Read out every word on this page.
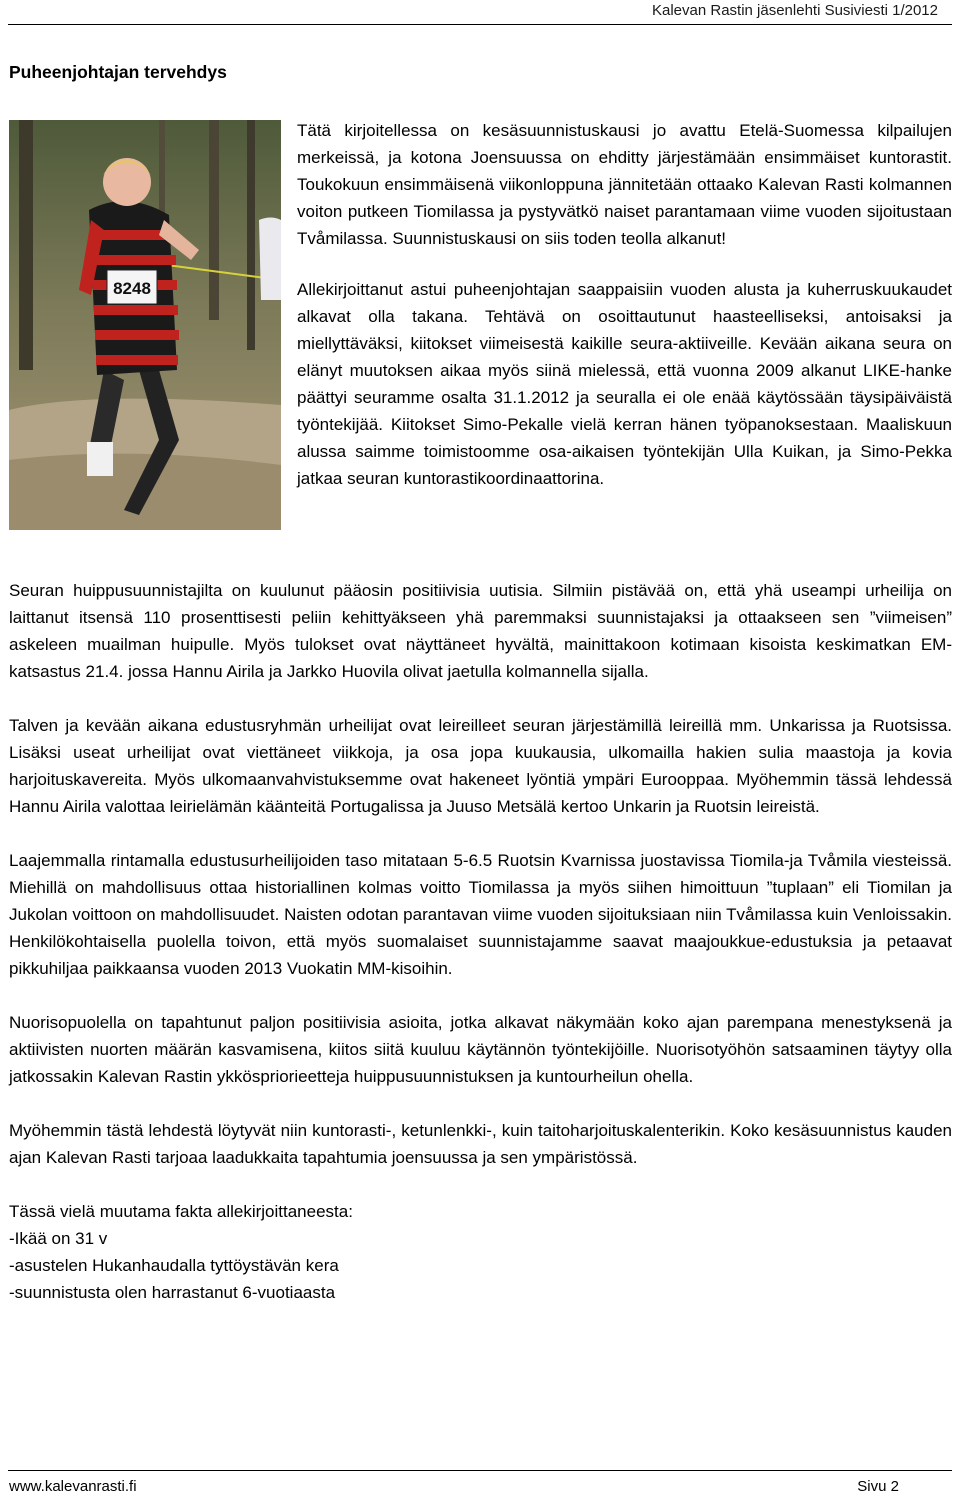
Kalevan Rastin jäsenlehti Susiviesti 1/2012
Puheenjohtajan tervehdys
8248

Tätä kirjoitellessa on kesäsuunnistuskausi jo avattu Etelä-Suomessa kilpailujen merkeissä, ja kotona Joensuussa on ehditty järjestämään ensimmäiset kuntorastit. Toukokuun ensimmäisenä viikonloppuna jännitetään ottaako Kalevan Rasti kolmannen voiton putkeen Tiomilassa ja pystyvätkö naiset parantamaan viime vuoden sijoitustaan Tvåmilassa. Suunnistuskausi on siis toden teolla alkanut!

Allekirjoittanut astui puheenjohtajan saappaisiin vuoden alusta ja kuherruskuukaudet alkavat olla takana. Tehtävä on osoittautunut haasteelliseksi, antoisaksi ja miellyttäväksi, kiitokset viimeisestä kaikille seura-aktiiveille. Kevään aikana seura on elänyt muutoksen aikaa myös siinä mielessä, että vuonna 2009 alkanut LIKE-hanke päättyi seuramme osalta 31.1.2012 ja seuralla ei ole enää käytössään täysipäiväistä työntekijää. Kiitokset Simo-Pekalle vielä kerran hänen työpanoksestaan. Maaliskuun alussa saimme toimistoomme osa-aikaisen työntekijän Ulla Kuikan, ja Simo-Pekka jatkaa seuran kuntorastikoordinaattorina.

Seuran huippusuunnistajilta on kuulunut pääosin positiivisia uutisia. Silmiin pistävää on, että yhä useampi urheilija on laittanut itsensä 110 prosenttisesti peliin kehittyäkseen yhä paremmaksi suunnistajaksi ja ottaakseen sen ”viimeisen” askeleen muailman huipulle. Myös tulokset ovat näyttäneet hyvältä, mainittakoon kotimaan kisoista keskimatkan EM-katsastus 21.4. jossa Hannu Airila ja Jarkko Huovila olivat jaetulla kolmannella sijalla.

Talven ja kevään aikana edustusryhmän urheilijat ovat leireilleet seuran järjestämillä leireillä mm. Unkarissa ja Ruotsissa. Lisäksi useat urheilijat ovat viettäneet viikkoja, ja osa jopa kuukausia, ulkomailla hakien sulia maastoja ja kovia harjoituskavereita. Myös ulkomaanvahvistuksemme ovat hakeneet lyöntiä ympäri Eurooppaa. Myöhemmin tässä lehdessä Hannu Airila valottaa leirielämän käänteitä Portugalissa ja Juuso Metsälä kertoo Unkarin ja Ruotsin leireistä.

Laajemmalla rintamalla edustusurheilijoiden taso mitataan 5-6.5 Ruotsin Kvarnissa juostavissa Tiomila-ja Tvåmila viesteissä. Miehillä on mahdollisuus ottaa historiallinen kolmas voitto Tiomilassa ja myös siihen himoittuun ”tuplaan” eli Tiomilan ja Jukolan voittoon on mahdollisuudet. Naisten odotan parantavan viime vuoden sijoituksiaan niin Tvåmilassa kuin Venloissakin. Henkilökohtaisella puolella toivon, että myös suomalaiset suunnistajamme saavat maajoukkue-edustuksia ja petaavat pikkuhiljaa paikkaansa vuoden 2013 Vuokatin MM-kisoihin.

Nuorisopuolella on tapahtunut paljon positiivisia asioita, jotka alkavat näkymään koko ajan parempana menestyksenä ja aktiivisten nuorten määrän kasvamisena, kiitos siitä kuuluu käytännön työntekijöille. Nuorisotyöhön satsaaminen täytyy olla jatkossakin Kalevan Rastin ykköspriorieetteja huippusuunnistuksen ja kuntourheilun ohella.

Myöhemmin tästä lehdestä löytyvät niin kuntorasti-, ketunlenkki-, kuin taitoharjoituskalenterikin. Koko kesäsuunnistus kauden ajan Kalevan Rasti tarjoaa laadukkaita tapahtumia joensuussa ja sen ympäristössä.

Tässä vielä muutama fakta allekirjoittaneesta:
-Ikää on 31 v
-asustelen Hukanhaudalla tyttöystävän kera
-suunnistusta olen harrastanut 6-vuotiaasta
www.kalevanrasti.fi	Sivu 2
